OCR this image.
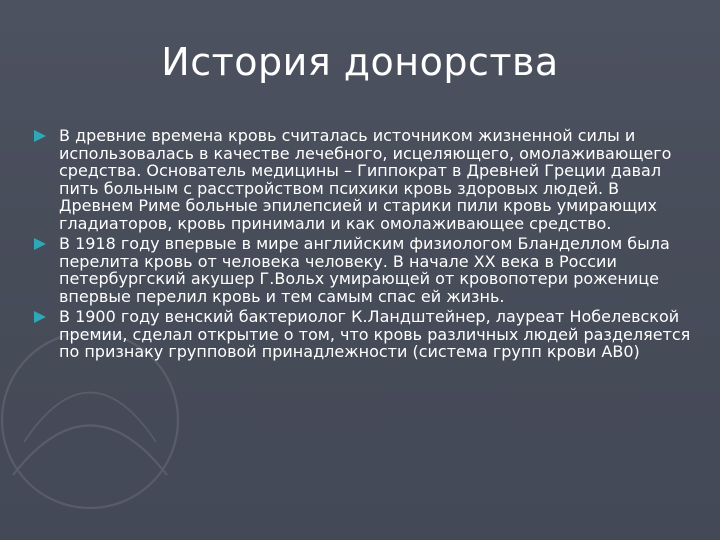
История донорства
В древние времена кровь считалась источником жизненной силы и использовалась в качестве лечебного, исцеляющего, омолаживающего средства. Основатель медицины – Гиппократ в Древней Греции давал пить больным с расстройством психики кровь здоровых людей. В Древнем Риме больные эпилепсией и старики пили кровь умирающих гладиаторов, кровь принимали и как омолаживающее средство.
В 1918 году впервые в мире английским физиологом Бланделлом была перелита кровь от человека человеку. В начале ХХ века в России петербургский акушер Г.Вольх умирающей от кровопотери роженице впервые перелил кровь и тем самым спас ей жизнь.
В 1900 году венский бактериолог К.Ландштейнер, лауреат Нобелевской премии, сделал открытие о том, что кровь различных людей разделяется по признаку групповой принадлежности (система групп крови АВ0)
